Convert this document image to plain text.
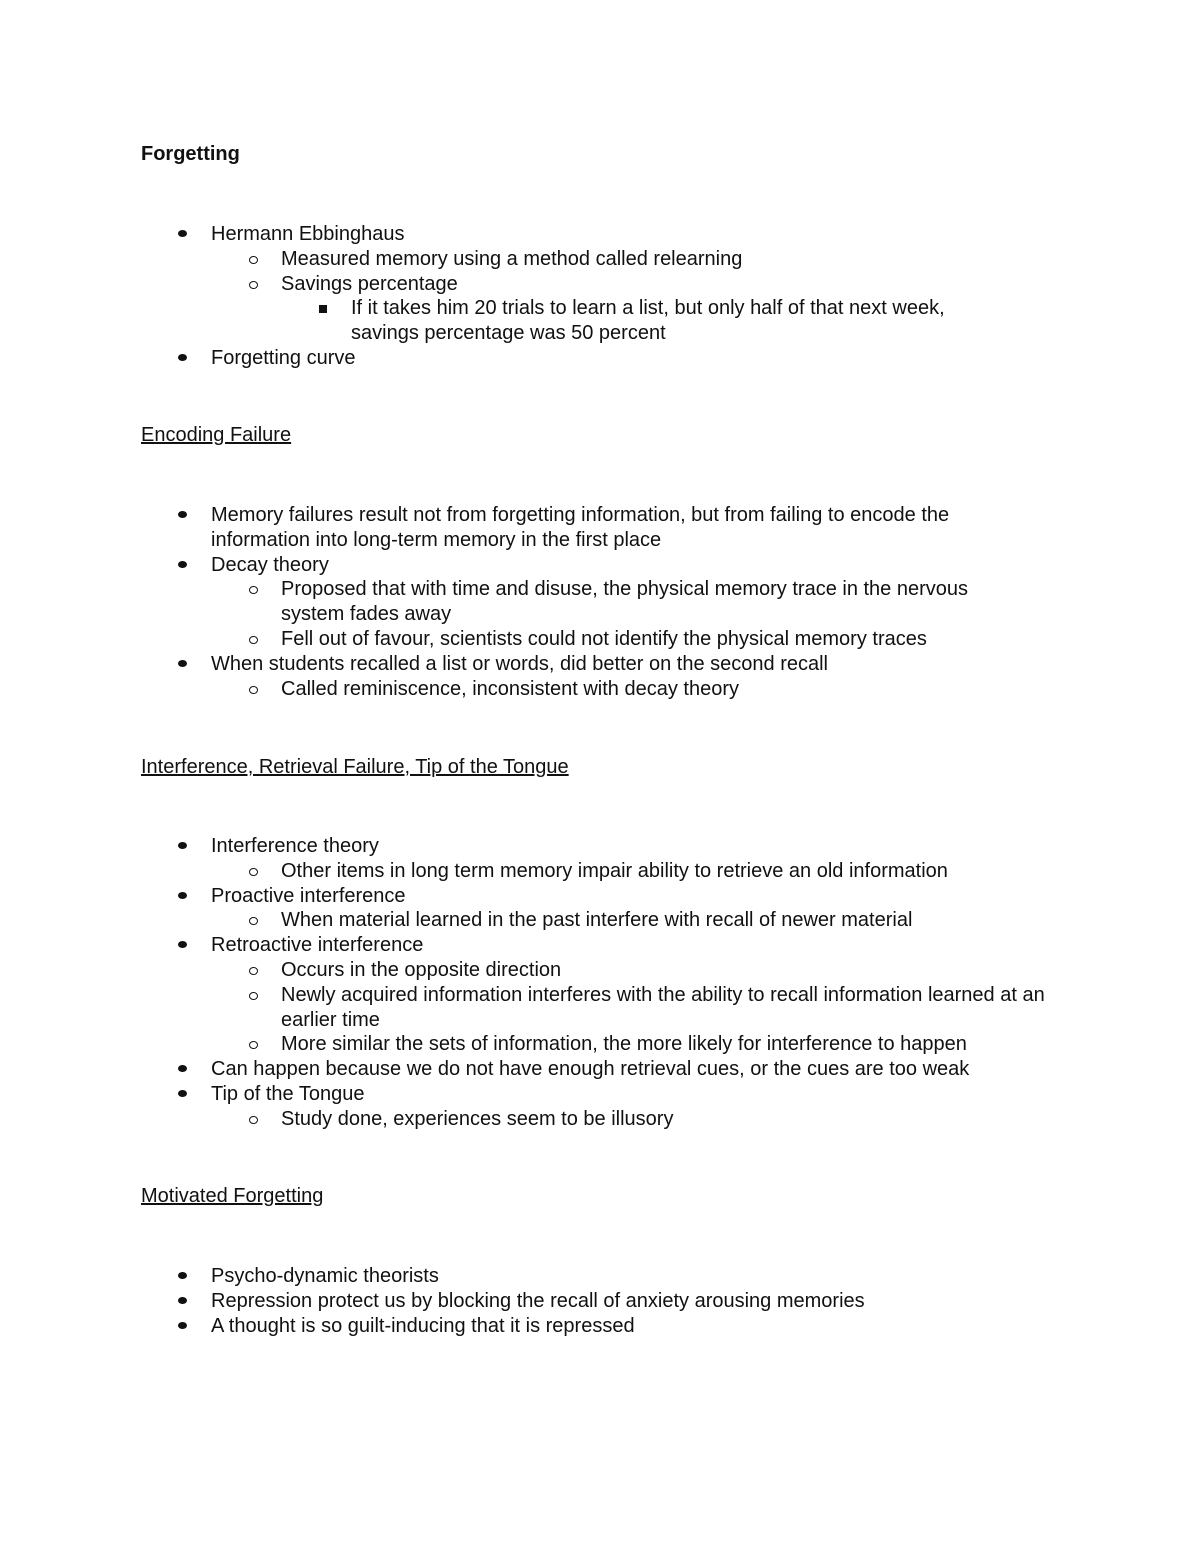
Forgetting
Hermann Ebbinghaus
Measured memory using a method called relearning
Savings percentage
If it takes him 20 trials to learn a list, but only half of that next week, savings percentage was 50 percent
Forgetting curve
Encoding Failure
Memory failures result not from forgetting information, but from failing to encode the information into long-term memory in the first place
Decay theory
Proposed that with time and disuse, the physical memory trace in the nervous system fades away
Fell out of favour, scientists could not identify the physical memory traces
When students recalled a list or words, did better on the second recall
Called reminiscence, inconsistent with decay theory
Interference, Retrieval Failure, Tip of the Tongue
Interference theory
Other items in long term memory impair ability to retrieve an old information
Proactive interference
When material learned in the past interfere with recall of newer material
Retroactive interference
Occurs in the opposite direction
Newly acquired information interferes with the ability to recall information learned at an earlier time
More similar the sets of information, the more likely for interference to happen
Can happen because we do not have enough retrieval cues, or the cues are too weak
Tip of the Tongue
Study done, experiences seem to be illusory
Motivated Forgetting
Psycho-dynamic theorists
Repression protect us by blocking the recall of anxiety arousing memories
A thought is so guilt-inducing that it is repressed
